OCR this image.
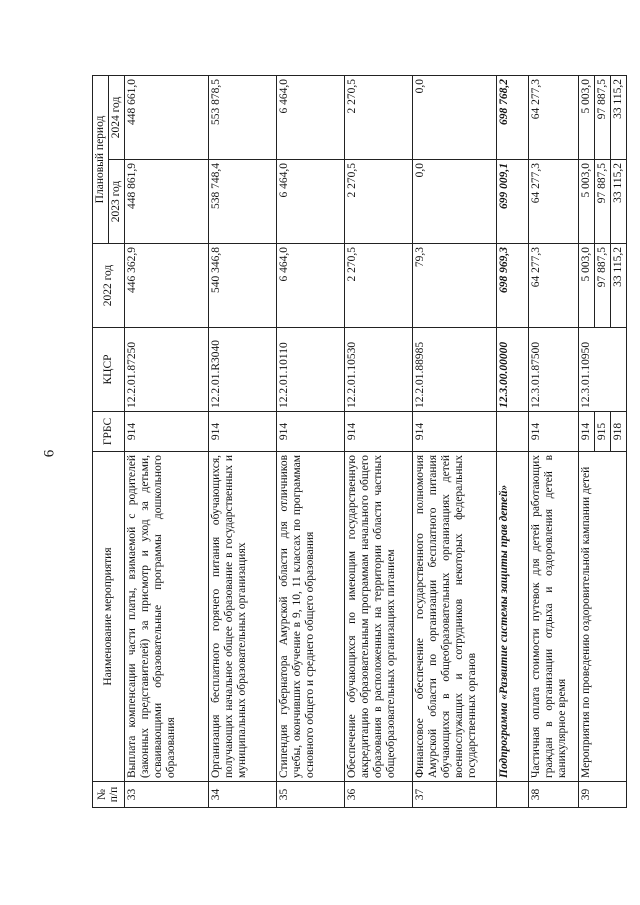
6
№ п/п	Наименование мероприятия	ГРБС	КЦСР	2022 год	Плановый период	
					2023 год	2024 год
33	Выплата компенсации части платы, взимаемой с родителей (законных представителей) за присмотр и уход за детьми, осваивающими образовательные программы дошкольного образования	914	12.2.01.87250	446 362,9	448 861,9	448 661,0
34	Организация бесплатного горячего питания обучающихся, получающих начальное общее образование в государственных и муниципальных образовательных организациях	914	12.2.01.R3040	540 346,8	538 748,4	553 878,5
35	Стипендия губернатора Амурской области для отличников учебы, окончивших обучение в 9, 10, 11 классах по программам основного общего и среднего общего образования	914	12.2.01.10110	6 464,0	6 464,0	6 464,0
36	Обеспечение обучающихся по имеющим государственную аккредитацию образовательным программам начального общего образования в расположенных на территории области частных общеобразовательных организациях питанием	914	12.2.01.10530	2 270,5	2 270,5	2 270,5
37	Финансовое обеспечение государственного полномочия Амурской области по организации бесплатного питания обучающихся в общеобразовательных организациях детей военнослужащих и сотрудников некоторых федеральных государственных органов	914	12.2.01.88985	79,3	0,0	0,0
	Подпрограмма «Развитие системы защиты прав детей»		12.3.00.00000	698 969,3	699 009,1	698 768,2
38	Частичная оплата стоимости путевок для детей работающих граждан в организации отдыха и оздоровления детей в каникулярное время	914	12.3.01.87500	64 277,3	64 277,3	64 277,3
39	Мероприятия по проведению оздоровительной кампании детей	914	12.3.01.10950	5 003,0	5 003,0	5 003,0
		915		97 887,5	97 887,5	97 887,5
		918		33 115,2	33 115,2	33 115,2
